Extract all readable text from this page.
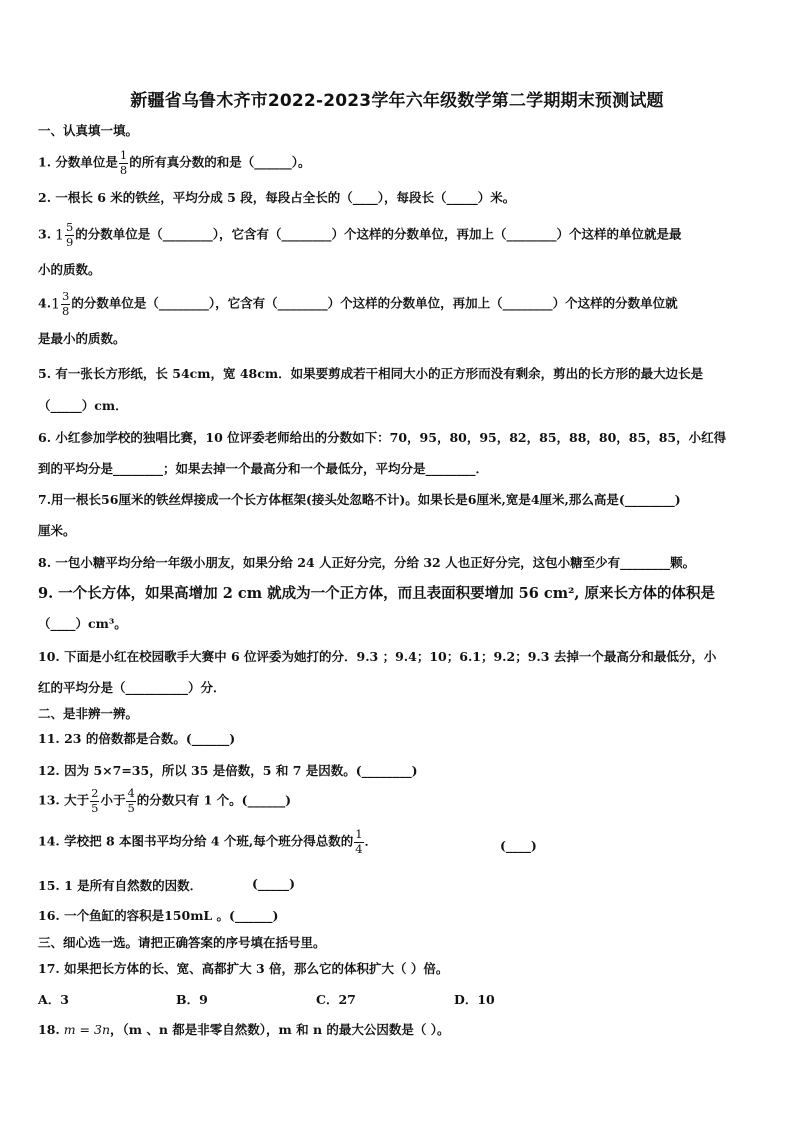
新疆省乌鲁木齐市2022-2023学年六年级数学第二学期期末预测试题
一、认真填一填。
1. 分数单位是 $\frac{1}{8}$ 的所有真分数的和是（______）。
2. 一根长 6 米的铁丝，平均分成 5 段，每段占全长的（____），每段长（_____）米。
3. $1 \frac{5}{9}$ 的分数单位是（________），它含有（________）个这样的分数单位，再加上（________）个这样的单位就是最
小的质数。
$4.1 \frac{3}{8}$ 的分数单位是（________），它含有（________）个这样的分数单位，再加上（________）个这样的分数单位就
是最小的质数。
5. 有一张长方形纸，长 54cm，宽 48cm．如果要剪成若干相同大小的正方形而没有剩余，剪出的长方形的最大边长是
（_____）cm．
6. 小红参加学校的独唱比赛，10 位评委老师给出的分数如下：70，95，80，95，82，85，88，80，85，85，小红得
到的平均分是________；如果去掉一个最高分和一个最低分，平均分是________．
7.用一根长56厘米的铁丝焊接成一个长方体框架(接头处忽略不计)。如果长是6厘米,宽是4厘米,那么高是(________)
厘米。
8. 一包小糖平均分给一年级小朋友，如果分给 24 人正好分完，分给 32 人也正好分完，这包小糖至少有________颗。
9. 一个长方体，如果高增加 2 cm 就成为一个正方体，而且表面积要增加 56 cm², 原来长方体的体积是
（____）cm³。
10. 下面是小红在校园歌手大赛中 6 位评委为她打的分．9.3 ；9.4；10；6.1；9.2；9.3 去掉一个最高分和最低分，小
红的平均分是（__________）分．
二、是非辨一辨。
11. 23 的倍数都是合数。(______)
12. 因为 5×7=35，所以 35 是倍数，5 和 7 是因数。(________)
13. 大于 $\frac{2}{5}$ 小于 $\frac{4}{5}$ 的分数只有 1 个。(______)
14. 学校把 8 本图书平均分给 4 个班,每个班分得总数的 $\frac{1}{4}$ ．	(____)
15. 1 是所有自然数的因数．	(_____)
16. 一个鱼缸的容积是150mL 。(______)
三、细心选一选。请把正确答案的序号填在括号里。
17. 如果把长方体的长、宽、高都扩大 3 倍，那么它的体积扩大（ ）倍。
A．3	B．9	C．27	D．10
18. m = 3n，（m 、n 都是非零自然数），m 和 n 的最大公因数是（ ）。
